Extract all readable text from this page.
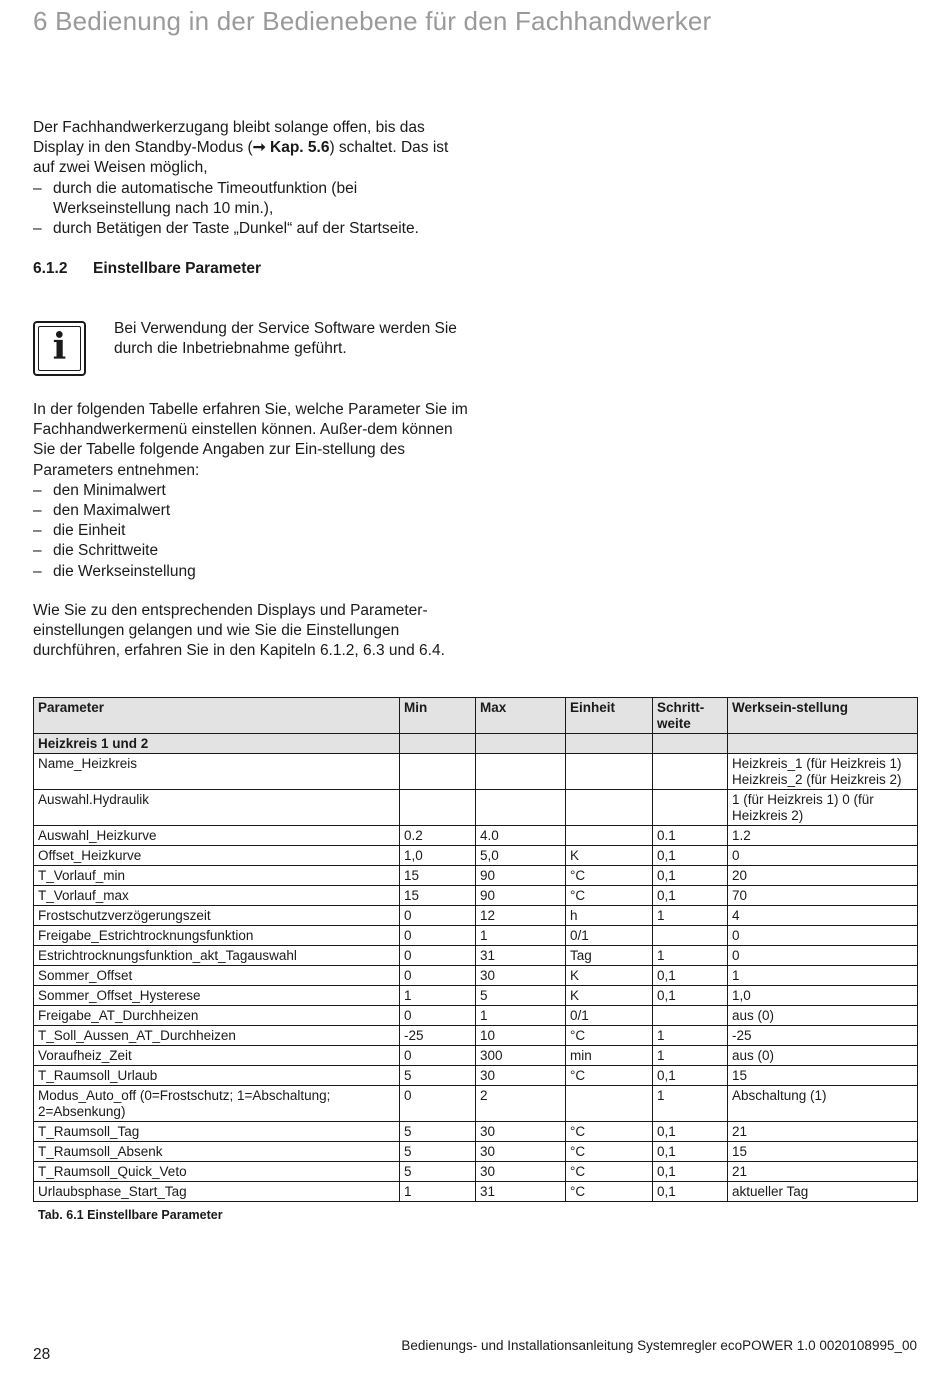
6 Bedienung in der Bedienebene für den Fachhandwerker

Der Fachhandwerkerzugang bleibt solange offen, bis das Display in den Standby-Modus (➞ Kap. 5.6) schaltet. Das ist auf zwei Weisen möglich,

– durch die automatische Timeoutfunktion (bei Werkseinstellung nach 10 min.),
– durch Betätigen der Taste „Dunkel“ auf der Startseite.
6.1.2 Einstellbare Parameter
i	Bei Verwendung der Service Software werden Sie durch die Inbetriebnahme geführt.

In der folgenden Tabelle erfahren Sie, welche Parameter Sie im Fachhandwerkermenü einstellen können. Außer-dem können Sie der Tabelle folgende Angaben zur Ein-stellung des Parameters entnehmen:

– den Minimalwert
– den Maximalwert
– die Einheit
– die Schrittweite
– die Werkseinstellung

Wie Sie zu den entsprechenden Displays und Parameter-einstellungen gelangen und wie Sie die Einstellungen durchführen, erfahren Sie in den Kapiteln 6.1.2, 6.3 und 6.4.

Parameter	Min	Max	Einheit	Schritt-weite	Werksein-stellung
Heizkreis 1 und 2					
Name_Heizkreis					Heizkreis_1 (für Heizkreis 1) Heizkreis_2 (für Heizkreis 2)
Auswahl.Hydraulik					1 (für Heizkreis 1) 0 (für Heizkreis 2)
Auswahl_Heizkurve	0.2	4.0		0.1	1.2
Offset_Heizkurve	1,0	5,0	K	0,1	0
T_Vorlauf_min	15	90	°C	0,1	20
T_Vorlauf_max	15	90	°C	0,1	70
Frostschutzverzögerungszeit	0	12	h	1	4
Freigabe_Estrichtrocknungsfunktion	0	1	0/1		0
Estrichtrocknungsfunktion_akt_Tagauswahl	0	31	Tag	1	0
Sommer_Offset	0	30	K	0,1	1
Sommer_Offset_Hysterese	1	5	K	0,1	1,0
Freigabe_AT_Durchheizen	0	1	0/1		aus (0)
T_Soll_Aussen_AT_Durchheizen	-25	10	°C	1	-25
Voraufheiz_Zeit	0	300	min	1	aus (0)
T_Raumsoll_Urlaub	5	30	°C	0,1	15
Modus_Auto_off (0=Frostschutz; 1=Abschaltung; 2=Absenkung)	0	2		1	Abschaltung (1)
T_Raumsoll_Tag	5	30	°C	0,1	21
T_Raumsoll_Absenk	5	30	°C	0,1	15
T_Raumsoll_Quick_Veto	5	30	°C	0,1	21
Urlaubsphase_Start_Tag	1	31	°C	0,1	aktueller Tag
Tab. 6.1 Einstellbare Parameter
28
Bedienungs- und Installationsanleitung Systemregler ecoPOWER 1.0 0020108995_00
